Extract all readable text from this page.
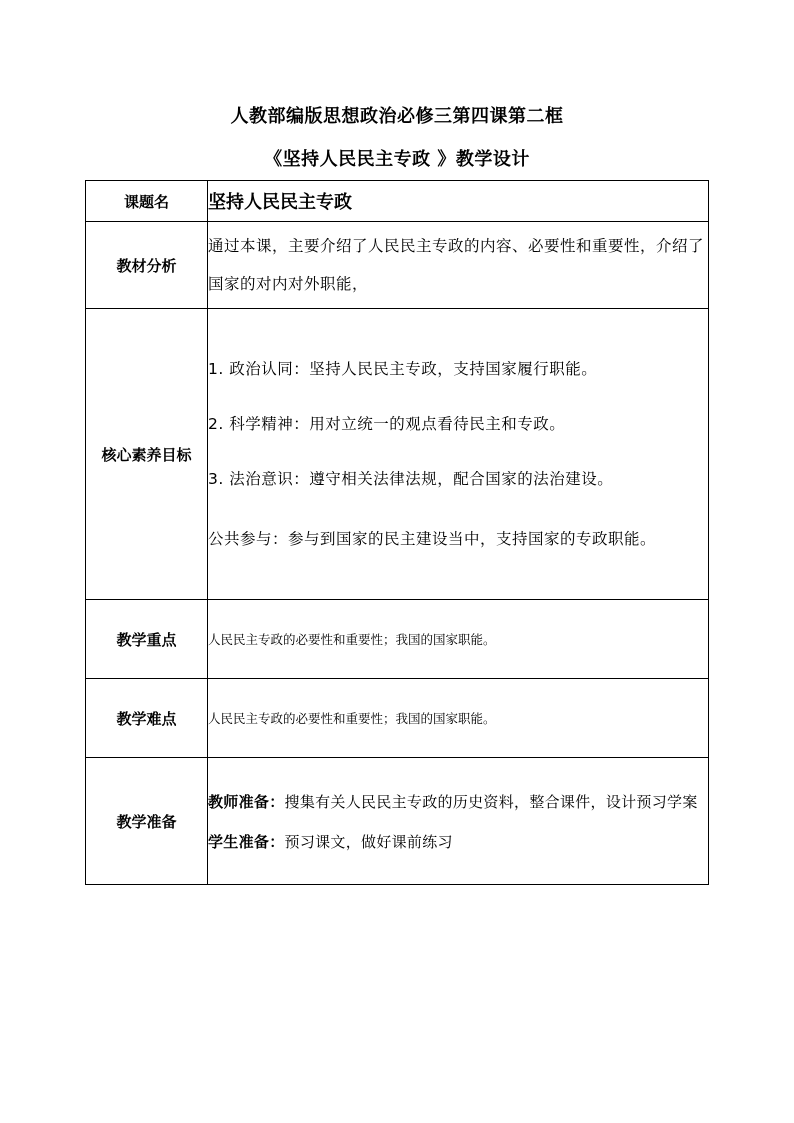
人教部编版思想政治必修三第四课第二框
《坚持人民民主专政 》教学设计
课题名	坚持人民民主专政
教材分析	通过本课，主要介绍了人民民主专政的内容、必要性和重要性，介绍了国家的对内对外职能，

核心素养目标	1. 政治认同：坚持人民民主专政，支持国家履行职能。
2. 科学精神：用对立统一的观点看待民主和专政。
3. 法治意识：遵守相关法律法规，配合国家的法治建设。
公共参与：参与到国家的民主建设当中，支持国家的专政职能。

教学重点	人民民主专政的必要性和重要性；我国的国家职能。

教学难点	人民民主专政的必要性和重要性；我国的国家职能。

教学准备	教师准备：搜集有关人民民主专政的历史资料，整合课件，设计预习学案
学生准备：预习课文，做好课前练习
